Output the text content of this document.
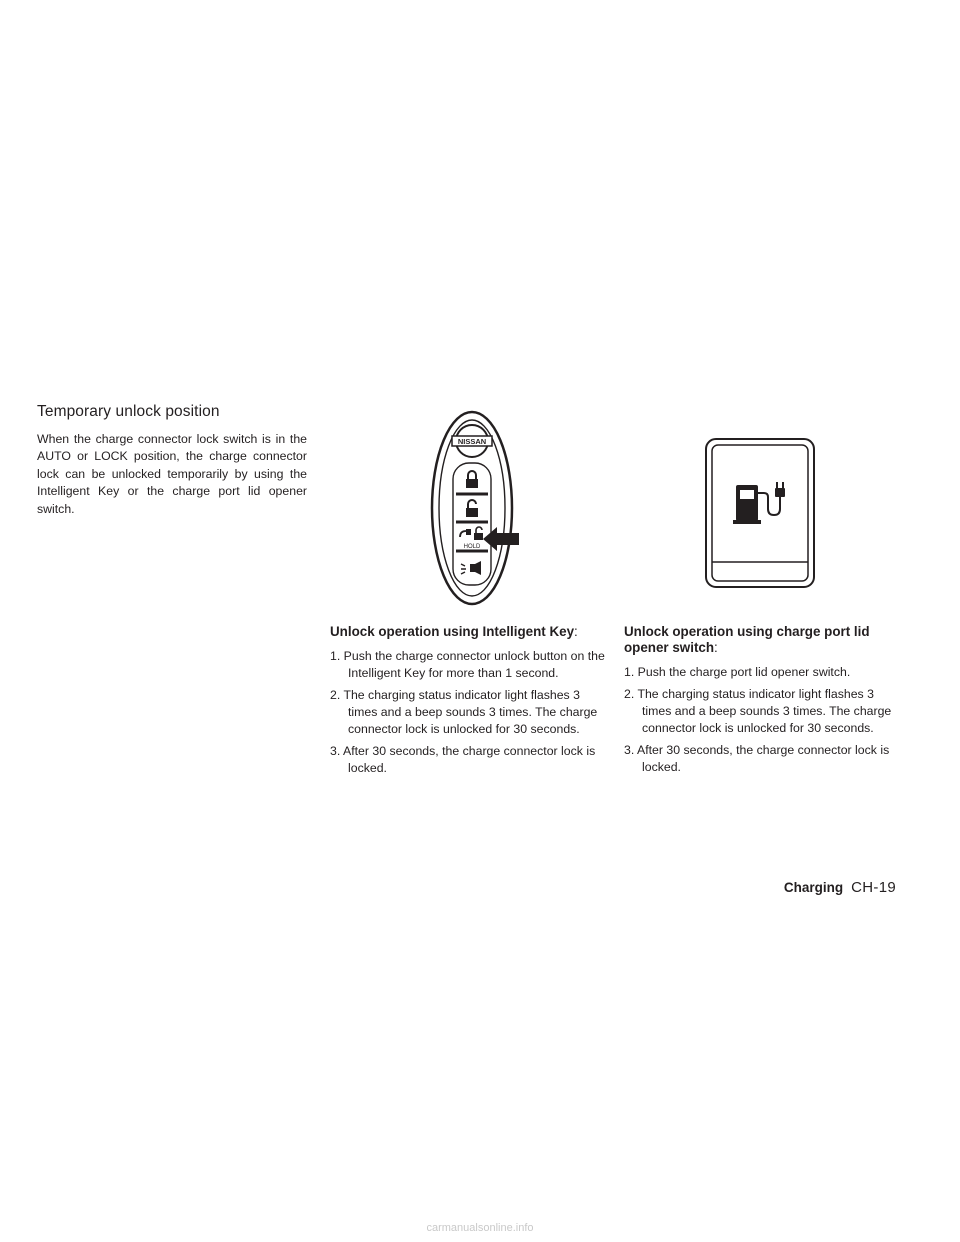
Temporary unlock position

When the charge connector lock switch is in the AUTO or LOCK position, the charge connector lock can be unlocked temporarily by using the Intelligent Key or the charge port lid opener switch.

NISSAN
HOLD
Unlock operation using Intelligent Key:
1. Push the charge connector unlock button on the Intelligent Key for more than 1 second.
2. The charging status indicator light flashes 3 times and a beep sounds 3 times. The charge connector lock is unlocked for 30 seconds.
3. After 30 seconds, the charge connector lock is locked.
Unlock operation using charge port lid opener switch:
1. Push the charge port lid opener switch.
2. The charging status indicator light flashes 3 times and a beep sounds 3 times. The charge connector lock is unlocked for 30 seconds.
3. After 30 seconds, the charge connector lock is locked.
Charging CH-19
carmanualsonline.info
